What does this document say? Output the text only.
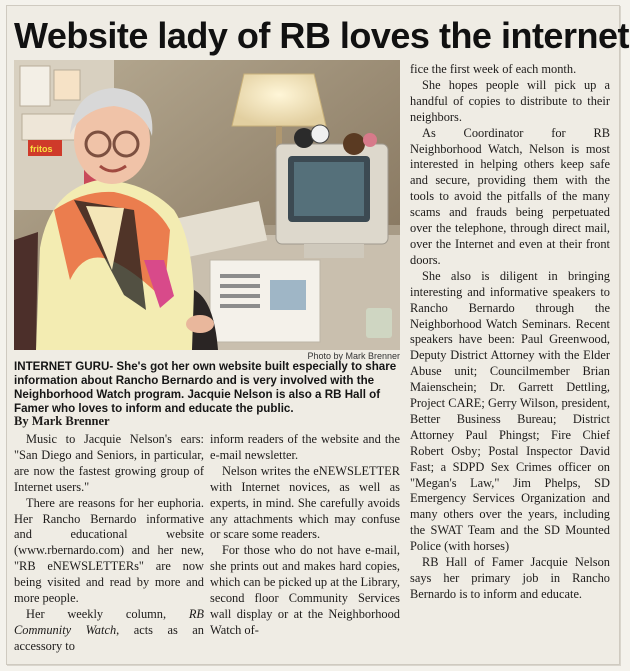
Website lady of RB loves the internet
fritos
Photo by Mark Brenner
INTERNET GURU- She's got her own website built especially to share information about Rancho Bernardo and is very involved with the Neighborhood Watch program. Jacquie Nelson is also a RB Hall of Famer who loves to inform and educate the public.
By Mark Brenner

Music to Jacquie Nelson's ears: "San Diego and Seniors, in particular, are now the fastest growing group of Internet users."

There are reasons for her euphoria. Her Rancho Bernardo informative and educational website (www.rbernardo.com) and her new, "RB eNEWSLETTERs" are now being visited and read by more and more people.

Her weekly column, RB Community Watch, acts as an accessory to

inform readers of the website and the e-mail newsletter.

Nelson writes the eNEWSLETTER with Internet novices, as well as experts, in mind. She carefully avoids any attachments which may confuse or scare some readers.

For those who do not have e-mail, she prints out and makes hard copies, which can be picked up at the Library, second floor Community Services wall display or at the Neighborhood Watch of-

fice the first week of each month.

She hopes people will pick up a handful of copies to distribute to their neighbors.

As Coordinator for RB Neighborhood Watch, Nelson is most interested in helping others keep safe and secure, providing them with the tools to avoid the pitfalls of the many scams and frauds being perpetuated over the telephone, through direct mail, over the Internet and even at their front doors.

She also is diligent in bringing interesting and informative speakers to Rancho Bernardo through the Neighborhood Watch Seminars. Recent speakers have been: Paul Greenwood, Deputy District Attorney with the Elder Abuse unit; Councilmember Brian Maienschein; Dr. Garrett Dettling, Project CARE; Gerry Wilson, president, Better Business Bureau; District Attorney Paul Phingst; Fire Chief Robert Osby; Postal Inspector David Fast; a SDPD Sex Crimes officer on "Megan's Law," Jim Phelps, SD Emergency Services Organization and many others over the years, including the SWAT Team and the SD Mounted Police (with horses)

RB Hall of Famer Jacquie Nelson says her primary job in Rancho Bernardo is to inform and educate.
